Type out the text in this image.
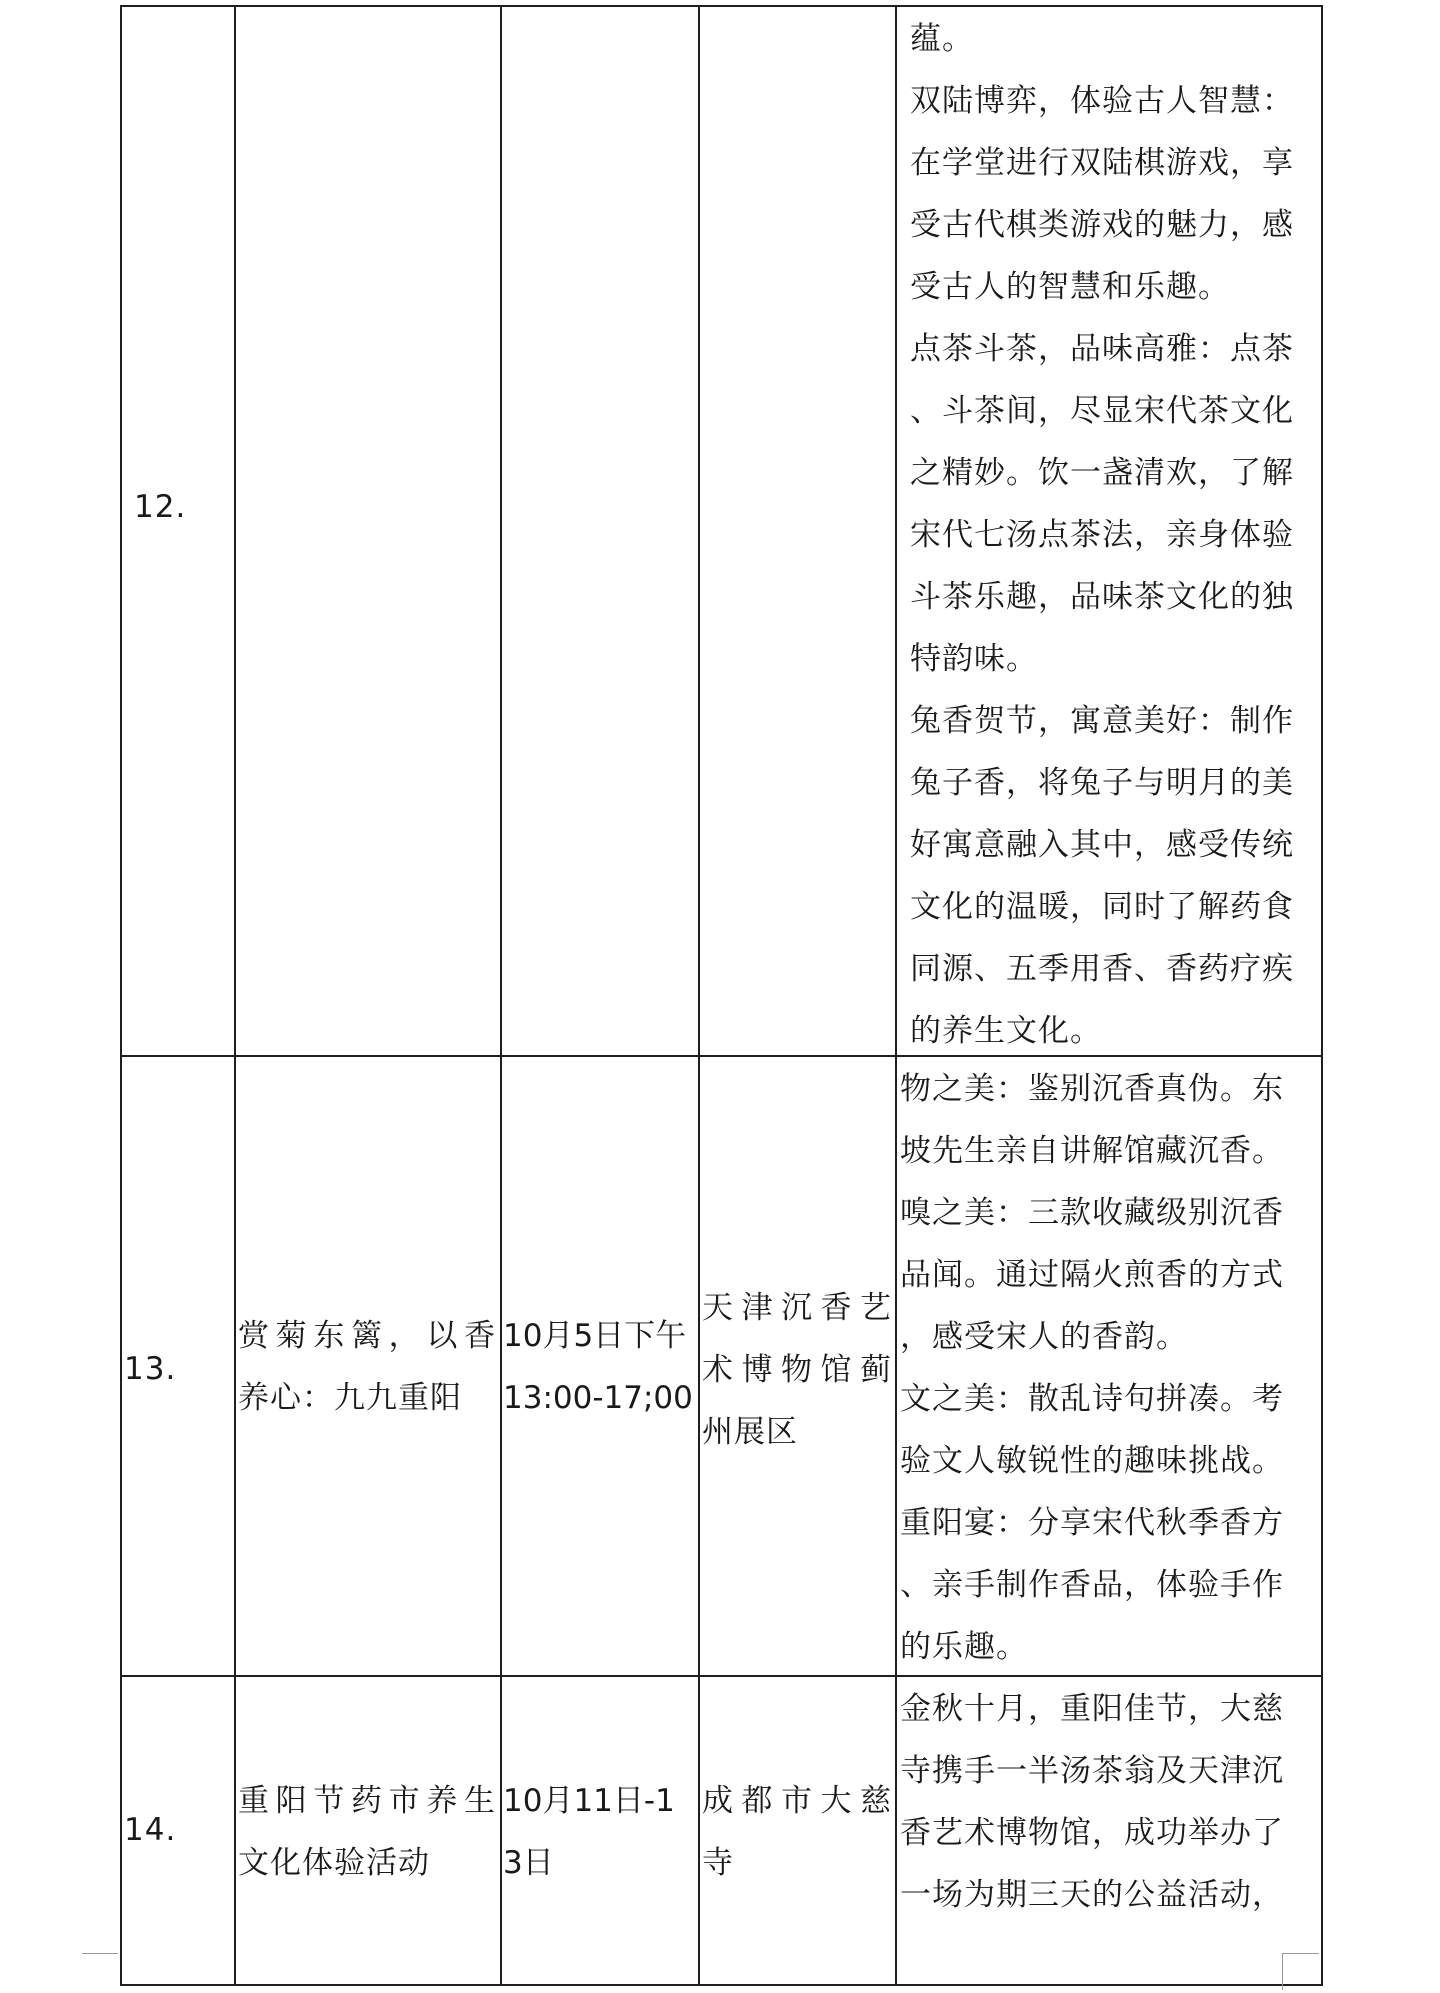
12.

蕴。

双陆博弈，体验古人智慧：

在学堂进行双陆棋游戏，享

受古代棋类游戏的魅力，感

受古人的智慧和乐趣。

点茶斗茶，品味高雅：点茶

、斗茶间，尽显宋代茶文化

之精妙。饮一盏清欢，了解

宋代七汤点茶法，亲身体验

斗茶乐趣，品味茶文化的独

特韵味。

兔香贺节，寓意美好：制作

兔子香，将兔子与明月的美

好寓意融入其中，感受传统

文化的温暖，同时了解药食

同源、五季用香、香药疗疾

的养生文化。

13.
赏菊东篱，以香
养心：九九重阳
10月5日下午
13:00-17;00
天津沉香艺
术博物馆蓟
州展区

物之美：鉴别沉香真伪。东

坡先生亲自讲解馆藏沉香。

嗅之美：三款收藏级别沉香

品闻。通过隔火煎香的方式

，感受宋人的香韵。

文之美：散乱诗句拼凑。考

验文人敏锐性的趣味挑战。

重阳宴：分享宋代秋季香方

、亲手制作香品，体验手作

的乐趣。

14.
重阳节药市养生
文化体验活动
10月11日-1
3日
成都市大慈
寺

金秋十月，重阳佳节，大慈

寺携手一半汤茶翁及天津沉

香艺术博物馆，成功举办了

一场为期三天的公益活动，
